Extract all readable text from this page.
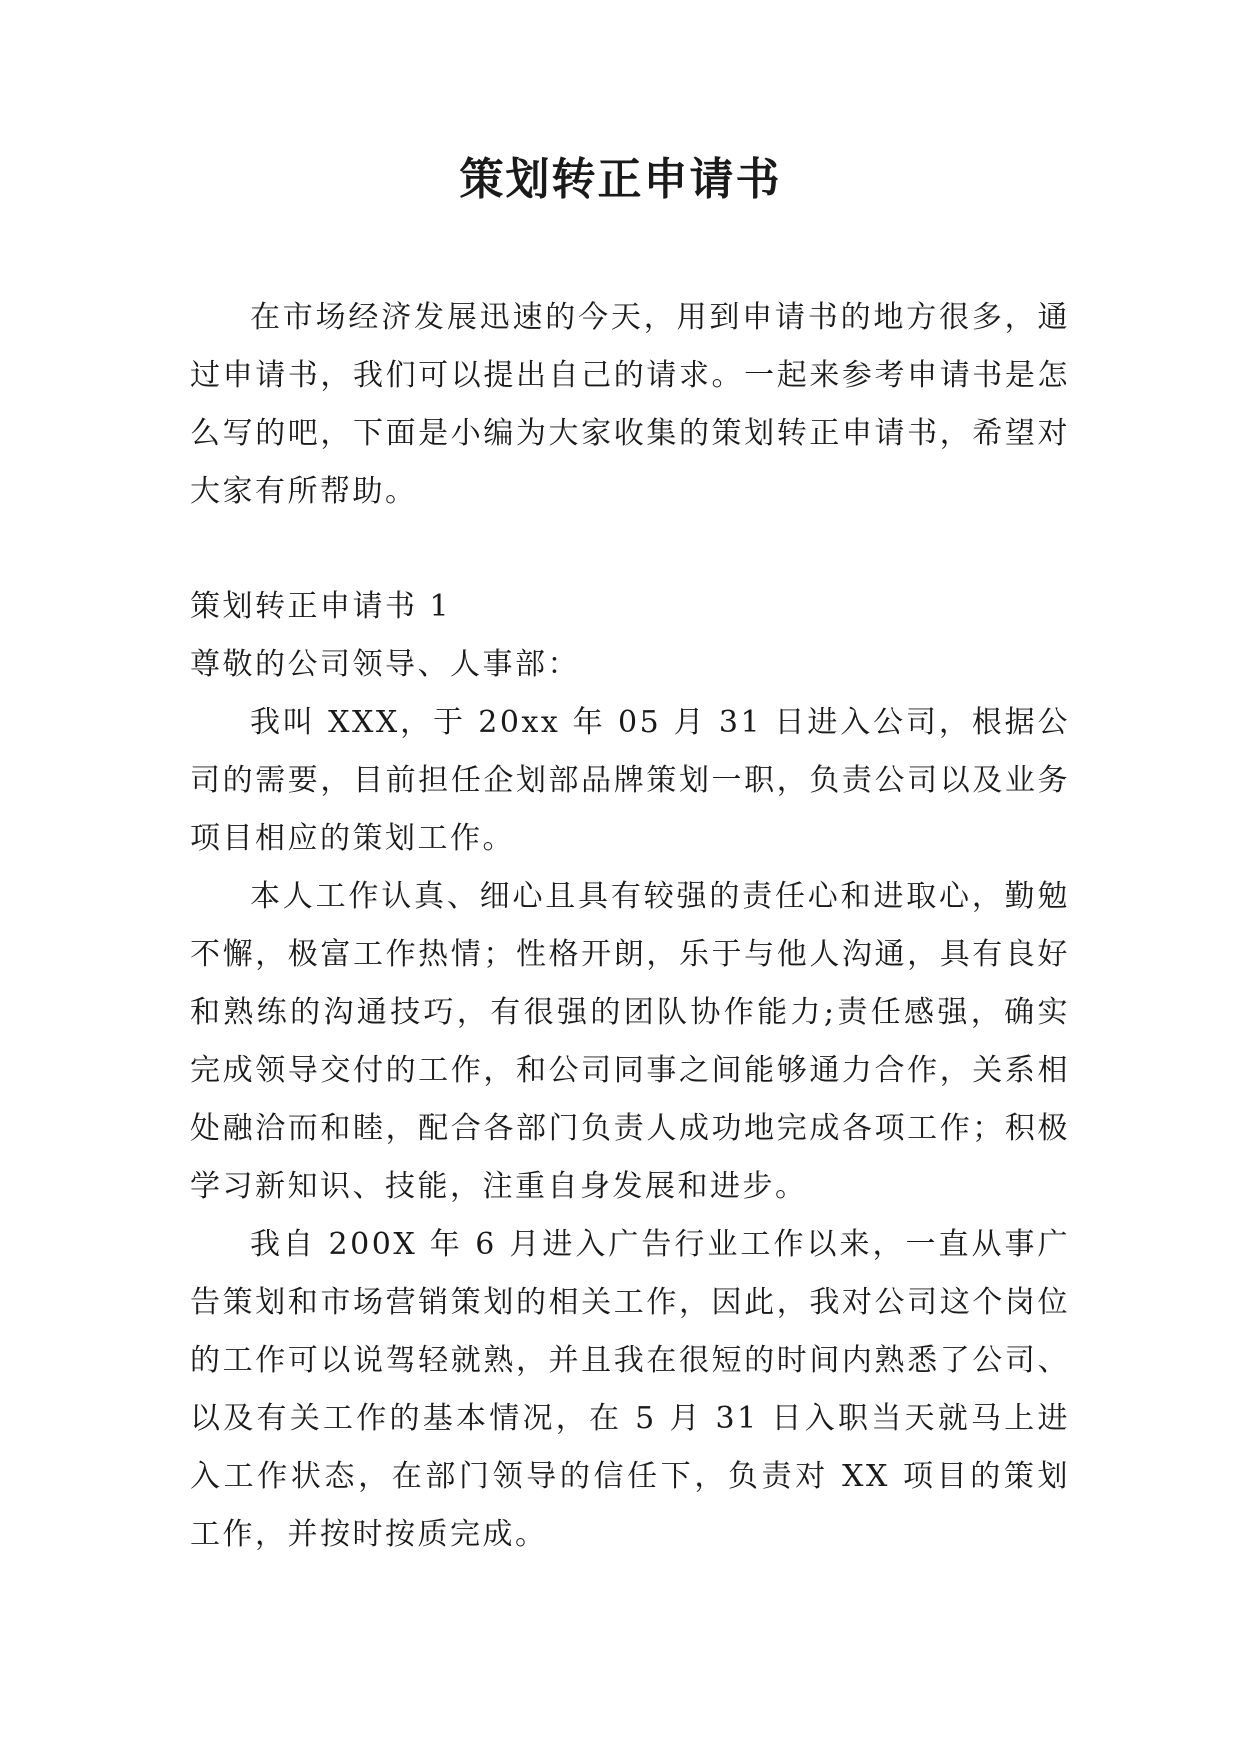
策划转正申请书

在市场经济发展迅速的今天，用到申请书的地方很多，通过申请书，我们可以提出自己的请求。一起来参考申请书是怎么写的吧，下面是小编为大家收集的策划转正申请书，希望对大家有所帮助。

策划转正申请书 1

尊敬的公司领导、人事部：

我叫 XXX，于 20xx 年 05 月 31 日进入公司，根据公司的需要，目前担任企划部品牌策划一职，负责公司以及业务项目相应的策划工作。

本人工作认真、细心且具有较强的责任心和进取心，勤勉不懈，极富工作热情；性格开朗，乐于与他人沟通，具有良好和熟练的沟通技巧，有很强的团队协作能力;责任感强，确实完成领导交付的工作，和公司同事之间能够通力合作，关系相处融洽而和睦，配合各部门负责人成功地完成各项工作；积极学习新知识、技能，注重自身发展和进步。

我自 200X 年 6 月进入广告行业工作以来，一直从事广告策划和市场营销策划的相关工作，因此，我对公司这个岗位的工作可以说驾轻就熟，并且我在很短的时间内熟悉了公司、以及有关工作的基本情况，在 5 月 31 日入职当天就马上进入工作状态，在部门领导的信任下，负责对 XX 项目的策划工作，并按时按质完成。
